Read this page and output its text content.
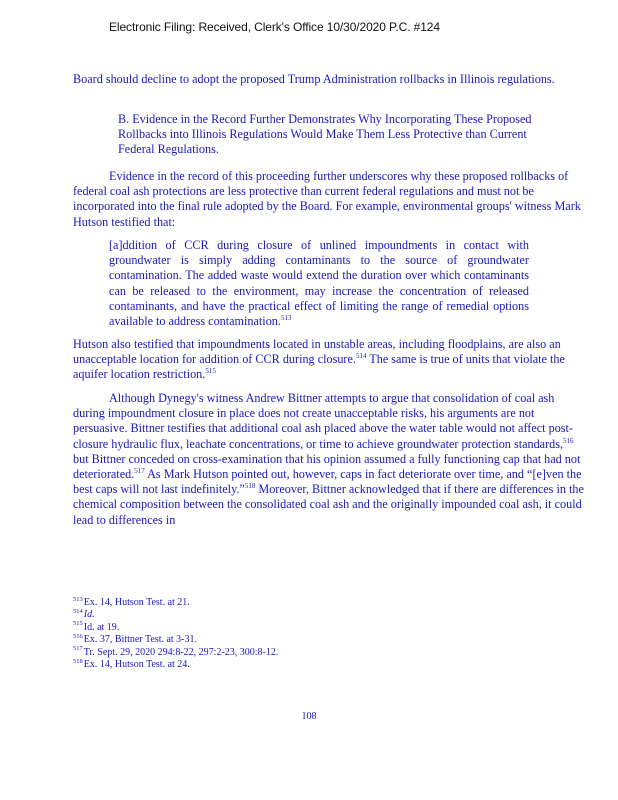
Electronic Filing: Received, Clerk's Office 10/30/2020 P.C. #124

Board should decline to adopt the proposed Trump Administration rollbacks in Illinois regulations.

B. Evidence in the Record Further Demonstrates Why Incorporating These Proposed Rollbacks into Illinois Regulations Would Make Them Less Protective than Current Federal Regulations.

Evidence in the record of this proceeding further underscores why these proposed rollbacks of federal coal ash protections are less protective than current federal regulations and must not be incorporated into the final rule adopted by the Board. For example, environmental groups' witness Mark Hutson testified that:

[a]ddition of CCR during closure of unlined impoundments in contact with groundwater is simply adding contaminants to the source of groundwater contamination. The added waste would extend the duration over which contaminants can be released to the environment, may increase the concentration of released contaminants, and have the practical effect of limiting the range of remedial options available to address contamination.$^{513}$

Hutson also testified that impoundments located in unstable areas, including floodplains, are also an unacceptable location for addition of CCR during closure.$^{514}$ The same is true of units that violate the aquifer location restriction.$^{515}$

Although Dynegy's witness Andrew Bittner attempts to argue that consolidation of coal ash during impoundment closure in place does not create unacceptable risks, his arguments are not persuasive. Bittner testifies that additional coal ash placed above the water table would not affect post-closure hydraulic flux, leachate concentrations, or time to achieve groundwater protection standards,$^{516}$ but Bittner conceded on cross-examination that his opinion assumed a fully functioning cap that had not deteriorated.$^{517}$ As Mark Hutson pointed out, however, caps in fact deteriorate over time, and “[e]ven the best caps will not last indefinitely.”$^{518}$ Moreover, Bittner acknowledged that if there are differences in the chemical composition between the consolidated coal ash and the originally impounded coal ash, it could lead to differences in

$^{513}$Ex. 14, Hutson Test. at 21.
$^{514}$Id.
$^{515}$Id. at 19.
$^{516}$Ex. 37, Bittner Test. at 3-31.
$^{517}$Tr. Sept. 29, 2020 294:8-22, 297:2-23, 300:8-12.
$^{518}$Ex. 14, Hutson Test. at 24.
108
